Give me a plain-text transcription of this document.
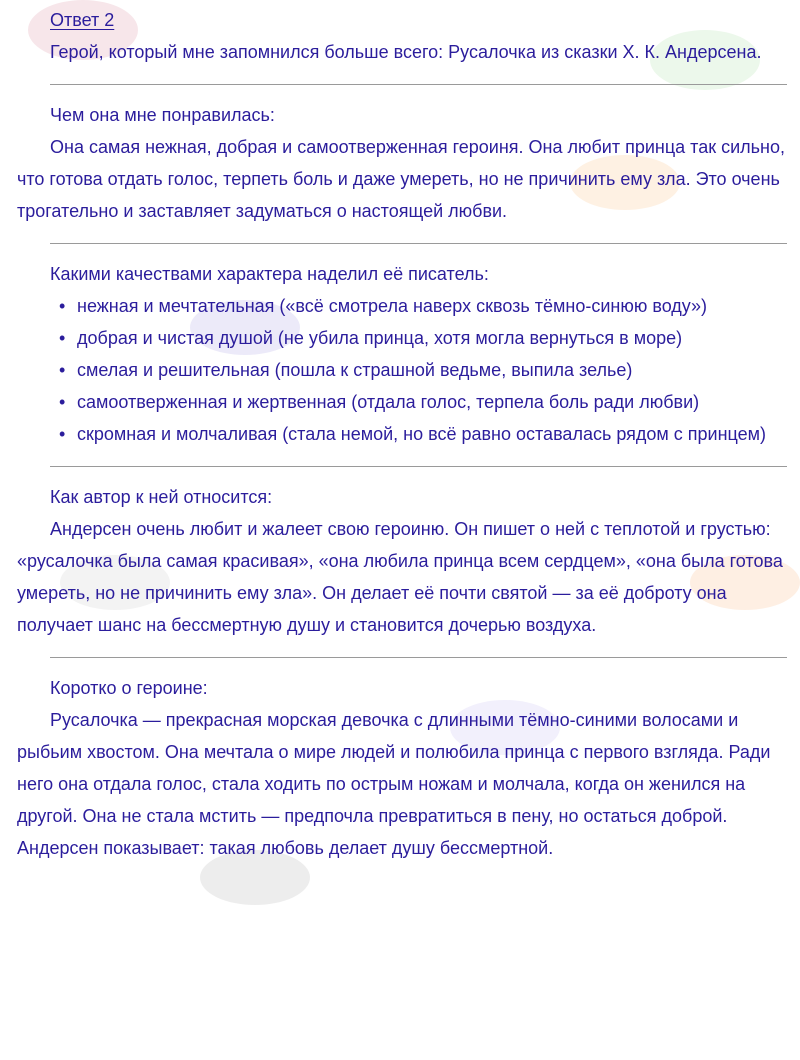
Ответ 2

Герой, который мне запомнился больше всего: Русалочка из сказки Х. К. Андерсена.

Чем она мне понравилась:

Она самая нежная, добрая и самоотверженная героиня. Она любит принца так сильно, что готова отдать голос, терпеть боль и даже умереть, но не причинить ему зла. Это очень трогательно и заставляет задуматься о настоящей любви.

Какими качествами характера наделил её писатель:

• нежная и мечтательная («всё смотрела наверх сквозь тёмно-синюю воду»)
• добрая и чистая душой (не убила принца, хотя могла вернуться в море)
• смелая и решительная (пошла к страшной ведьме, выпила зелье)
• самоотверженная и жертвенная (отдала голос, терпела боль ради любви)
• скромная и молчаливая (стала немой, но всё равно оставалась рядом с принцем)

Как автор к ней относится:

Андерсен очень любит и жалеет свою героиню. Он пишет о ней с теплотой и грустью: «русалочка была самая красивая», «она любила принца всем сердцем», «она была готова умереть, но не причинить ему зла». Он делает её почти святой — за её доброту она получает шанс на бессмертную душу и становится дочерью воздуха.

Коротко о героине:

Русалочка — прекрасная морская девочка с длинными тёмно-синими волосами и рыбьим хвостом. Она мечтала о мире людей и полюбила принца с первого взгляда. Ради него она отдала голос, стала ходить по острым ножам и молчала, когда он женился на другой. Она не стала мстить — предпочла превратиться в пену, но остаться доброй. Андерсен показывает: такая любовь делает душу бессмертной.
